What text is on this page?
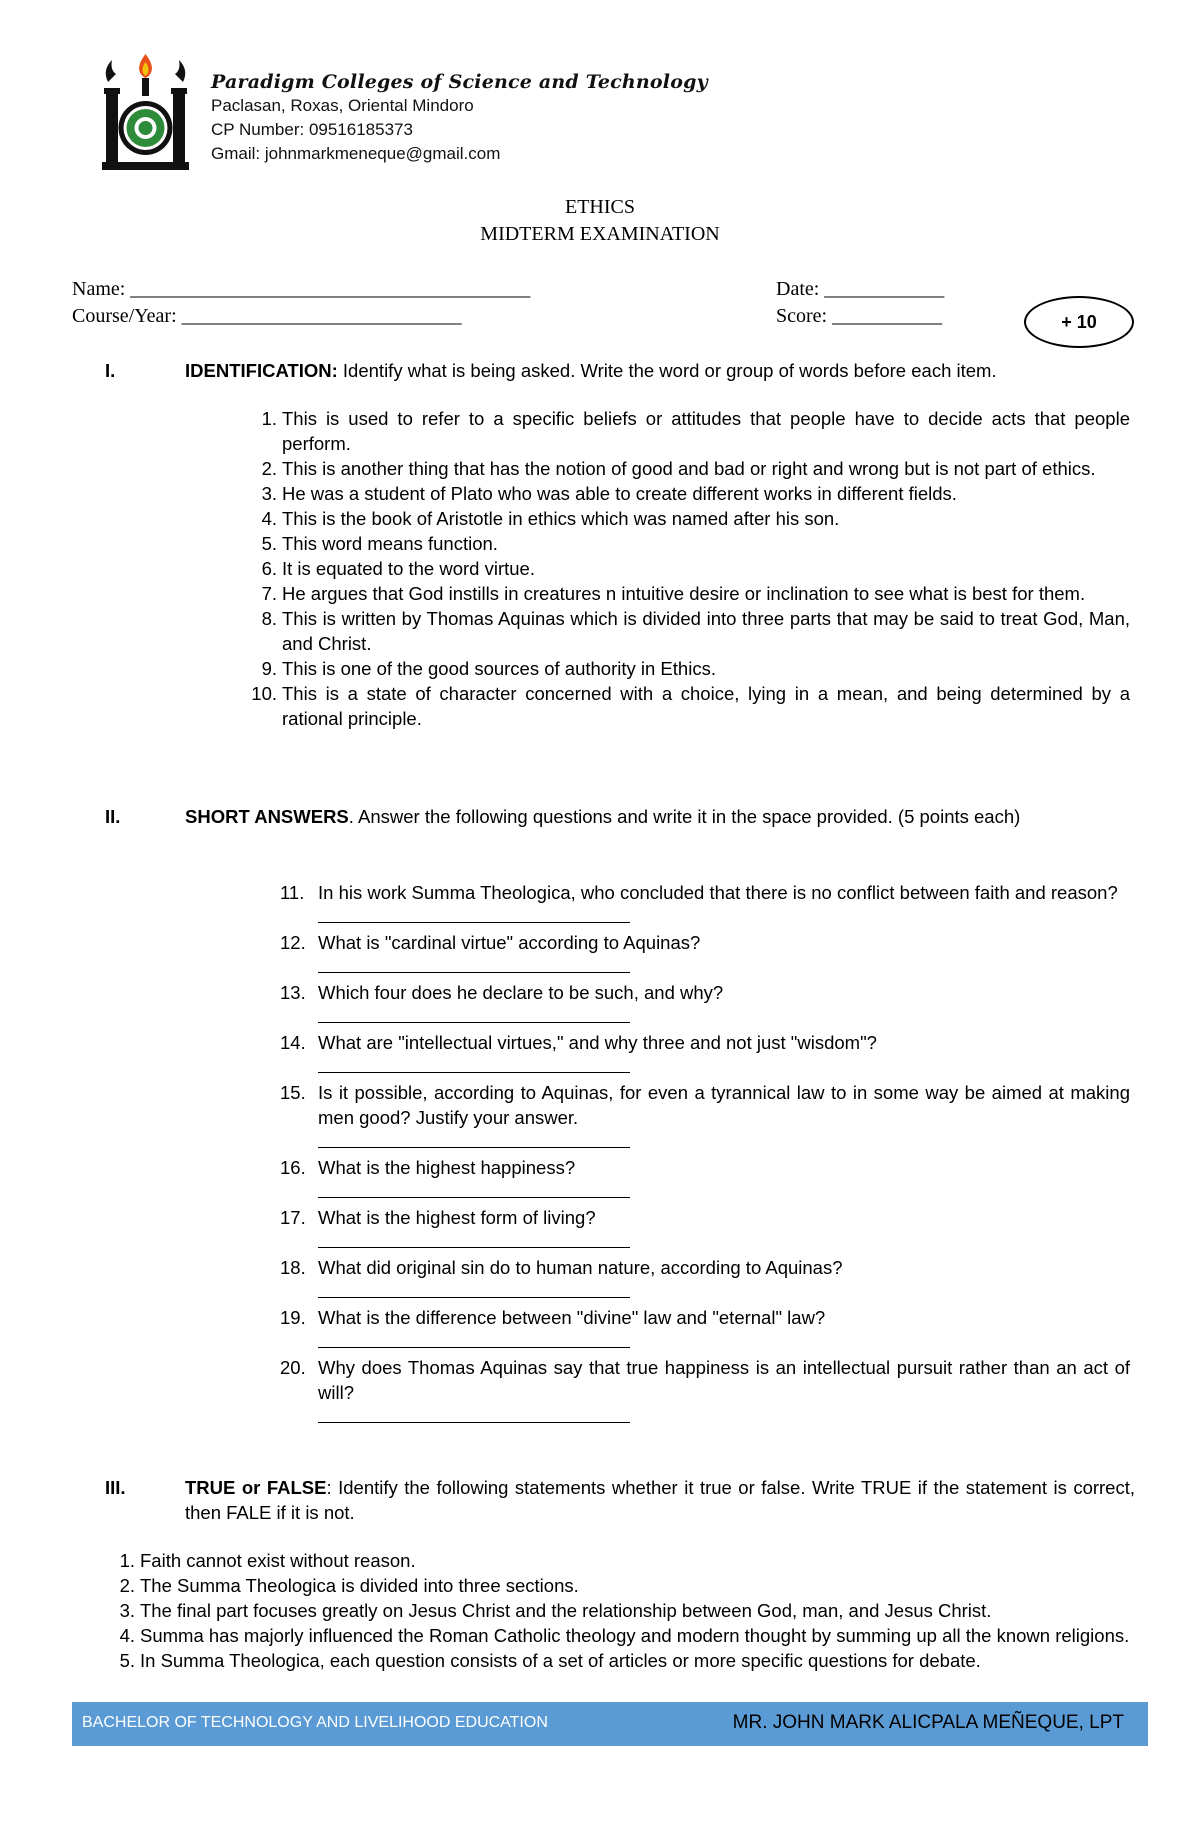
Paradigm Colleges of Science and Technology
Paclasan, Roxas, Oriental Mindoro
CP Number: 09516185373
Gmail: johnmarkmeneque@gmail.com
ETHICS
MIDTERM EXAMINATION
Name: ________________________________________	Date: ____________
Course/Year: ____________________________	Score: ___________	+ 10
I.	IDENTIFICATION: Identify what is being asked. Write the word or group of words before each item.
1. This is used to refer to a specific beliefs or attitudes that people have to decide acts that people perform.
2. This is another thing that has the notion of good and bad or right and wrong but is not part of ethics.
3. He was a student of Plato who was able to create different works in different fields.
4. This is the book of Aristotle in ethics which was named after his son.
5. This word means function.
6. It is equated to the word virtue.
7. He argues that God instills in creatures n intuitive desire or inclination to see what is best for them.
8. This is written by Thomas Aquinas which is divided into three parts that may be said to treat God, Man, and Christ.
9. This is one of the good sources of authority in Ethics.
10. This is a state of character concerned with a choice, lying in a mean, and being determined by a rational principle.
II.	SHORT ANSWERS. Answer the following questions and write it in the space provided. (5 points each)
11. In his work Summa Theologica, who concluded that there is no conflict between faith and reason?
12. What is "cardinal virtue" according to Aquinas?
13. Which four does he declare to be such, and why?
14. What are "intellectual virtues," and why three and not just "wisdom"?
15. Is it possible, according to Aquinas, for even a tyrannical law to in some way be aimed at making men good? Justify your answer.
16. What is the highest happiness?
17. What is the highest form of living?
18. What did original sin do to human nature, according to Aquinas?
19. What is the difference between "divine" law and "eternal" law?
20. Why does Thomas Aquinas say that true happiness is an intellectual pursuit rather than an act of will?
III.	TRUE or FALSE: Identify the following statements whether it true or false. Write TRUE if the statement is correct, then FALE if it is not.
1. Faith cannot exist without reason.
2. The Summa Theologica is divided into three sections.
3. The final part focuses greatly on Jesus Christ and the relationship between God, man, and Jesus Christ.
4. Summa has majorly influenced the Roman Catholic theology and modern thought by summing up all the known religions.
5. In Summa Theologica, each question consists of a set of articles or more specific questions for debate.
BACHELOR OF TECHNOLOGY AND LIVELIHOOD EDUCATION	MR. JOHN MARK ALICPALA MEÑEQUE, LPT
